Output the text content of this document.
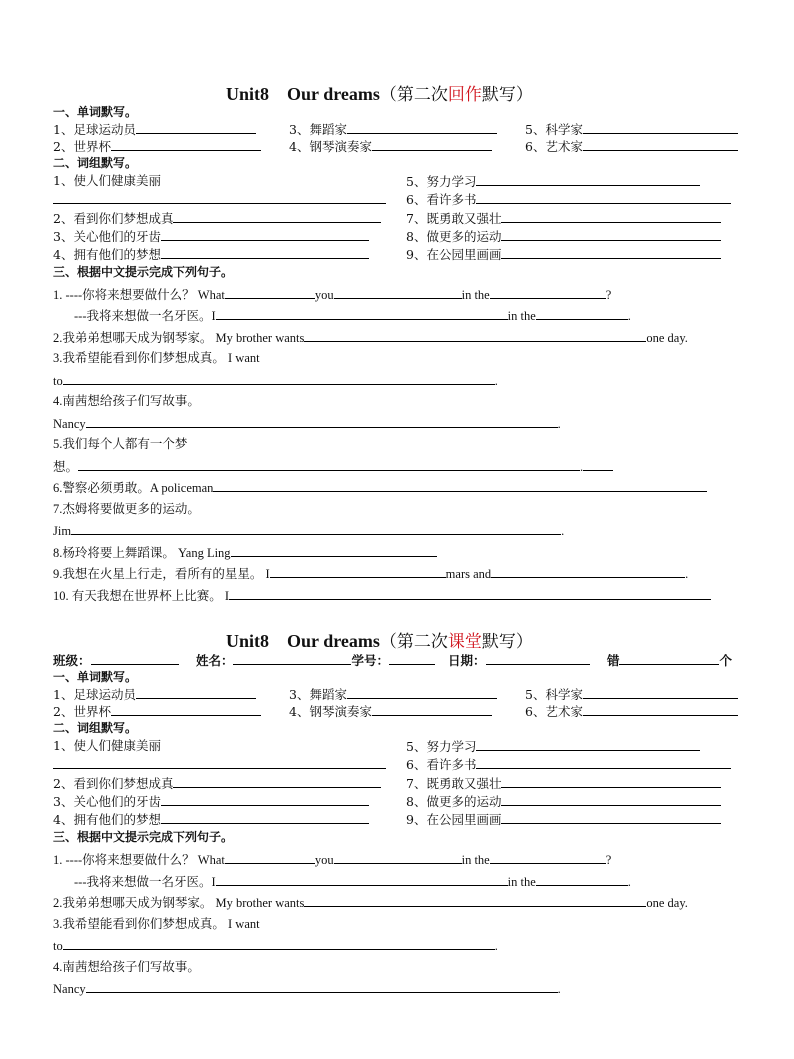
Unit8 Our dreams（第二次回作默写）
一、单词默写。
1、足球运动员	3、舞蹈家	5、科学家
2、世界杯	4、钢琴演奏家	6、艺术家
二、词组默写。
1、使人们健康美丽	5、努力学习
6、看许多书
2、看到你们梦想成真	7、既勇敢又强壮
3、关心他们的牙齿	8、做更多的运动
4、拥有他们的梦想	9、在公园里画画
三、根据中文提示完成下列句子。
1. ----你将来想要做什么？ What	you	in the	?
---我将来想做一名牙医。I	in the	.
2.我弟弟想哪天成为钢琴家。 My brother wants	one day.
3.我希望能看到你们梦想成真。 I want
to	.
4.南茜想给孩子们写故事。
Nancy	.
5.我们每个人都有一个梦
想。	.
6.警察必须勇敢。A policeman
7.杰姆将要做更多的运动。
Jim	.
8.杨玲将要上舞蹈课。 Yang Ling
9.我想在火星上行走，看所有的星星。 I	mars and	.
10. 有天我想在世界杯上比赛。 I
Unit8 Our dreams（第二次课堂默写）
班级：	姓名：	学号：	日期：	错	个
一、单词默写。
1、足球运动员	3、舞蹈家	5、科学家
2、世界杯	4、钢琴演奏家	6、艺术家
二、词组默写。
1、使人们健康美丽	5、努力学习
6、看许多书
2、看到你们梦想成真	7、既勇敢又强壮
3、关心他们的牙齿	8、做更多的运动
4、拥有他们的梦想	9、在公园里画画
三、根据中文提示完成下列句子。
1. ----你将来想要做什么？ What	you	in the	?
---我将来想做一名牙医。I	in the	.
2.我弟弟想哪天成为钢琴家。 My brother wants	one day.
3.我希望能看到你们梦想成真。 I want
to	.
4.南茜想给孩子们写故事。
Nancy	.
